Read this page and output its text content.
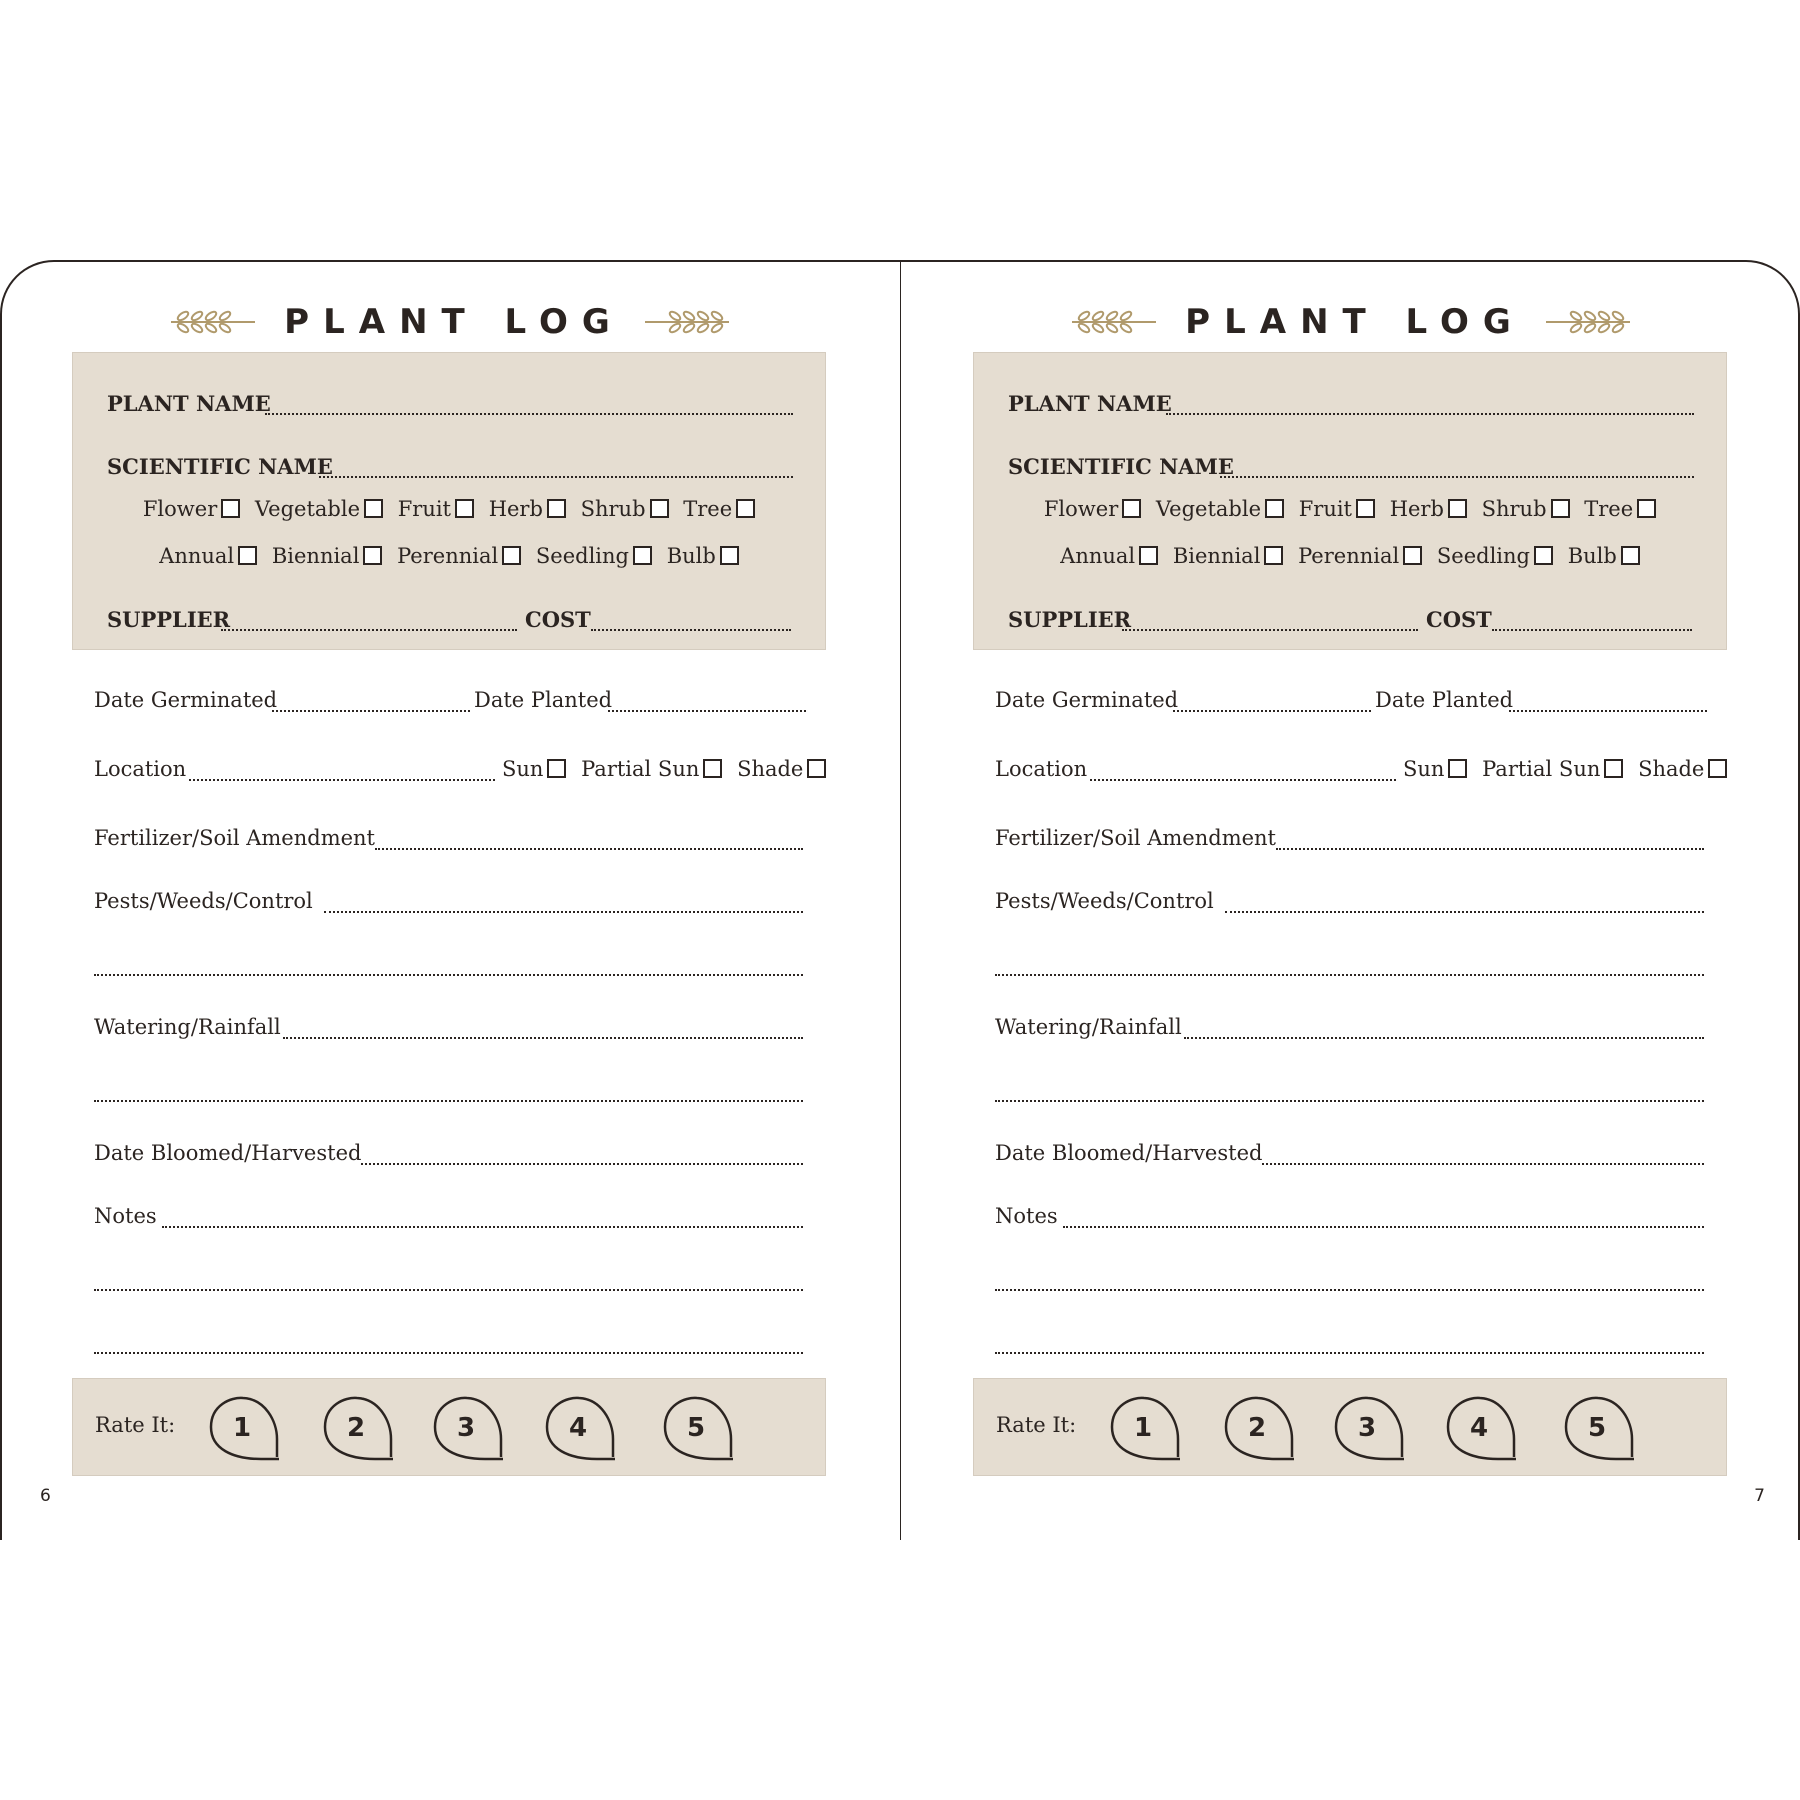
PLANT LOG
PLANT NAME
SCIENTIFIC NAME
Flower Vegetable Fruit Herb Shrub Tree
Annual Biennial Perennial Seedling Bulb
SUPPLIER	COST
Date Germinated	Date Planted
Location	Sun Partial Sun Shade
Fertilizer/Soil Amendment
Pests/Weeds/Control
Watering/Rainfall
Date Bloomed/Harvested
Notes
Rate It:	1	2	3	4	5
6
PLANT LOG
PLANT NAME
SCIENTIFIC NAME
Flower Vegetable Fruit Herb Shrub Tree
Annual Biennial Perennial Seedling Bulb
SUPPLIER	COST
Date Germinated	Date Planted
Location	Sun Partial Sun Shade
Fertilizer/Soil Amendment
Pests/Weeds/Control
Watering/Rainfall
Date Bloomed/Harvested
Notes
Rate It:	1	2	3	4	5
7
